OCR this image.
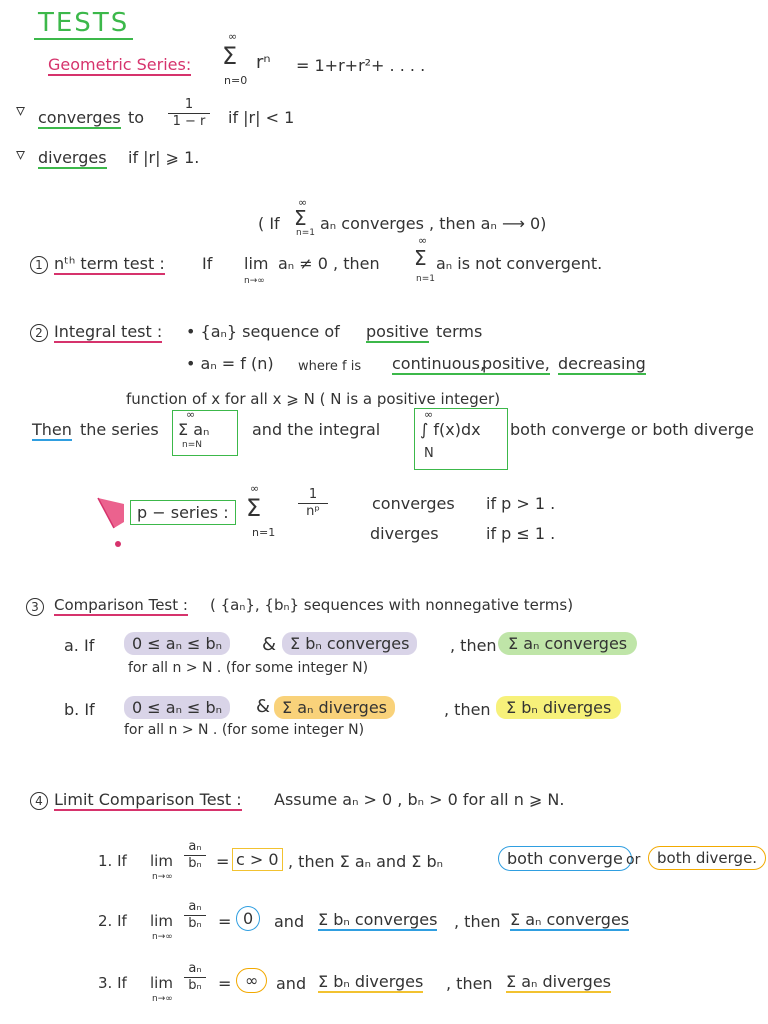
TESTS
Geometric Series:
∞
Σ
n=0
rⁿ = 1+r+r²+ . . . .
▿ converges to $\frac{1}{1 - r}$ if |r| < 1
▿ diverges if |r| ⩾ 1.
( If
∞
Σ
n=1 aₙ converges , then aₙ ⟶ 0)
1 nᵗʰ term test : If lim
n→∞
aₙ ≠ 0 , then
∞
Σ
n=1
aₙ is not convergent.
2 Integral test : • {aₙ} sequence of positive terms
• aₙ = f (n) where f is continuous,
positive, decreasing
function of x for all x ⩾ N ( N is a positive integer)
Then the series
∞
Σ aₙ
n=N
and the integral
∞
∫ f(x)dx
N
both converge or both diverge
p − series :
∞
Σ
n=1
$\frac{1}{\text{nᵖ}}$	converges if p > 1 .
diverges	if p ≤ 1 .
3	Comparison Test : ( {aₙ}, {bₙ} sequences with nonnegative terms)
a. If	0 ≤ aₙ ≤ bₙ	& Σ bₙ converges	, then Σ aₙ converges
for all n > N . (for some integer N)
b. If	0 ≤ aₙ ≤ bₙ	& Σ aₙ diverges	, then Σ bₙ diverges
for all n > N . (for some integer N)
4 Limit Comparison Test : Assume aₙ > 0 , bₙ > 0 for all n ⩾ N.
1. If lim
n→∞
$\frac{\text{aₙ}}{\text{bₙ}} = c > 0$ , then Σ aₙ and Σ bₙ	both converge or	both diverge.
2. If lim
n→∞
$\frac{\text{aₙ}}{\text{bₙ}} = 0$	and Σ bₙ converges , then Σ aₙ converges
3. If lim
n→∞
$\frac{\text{aₙ}}{\text{bₙ}}$ = ∞	and Σ bₙ diverges , then Σ aₙ diverges
